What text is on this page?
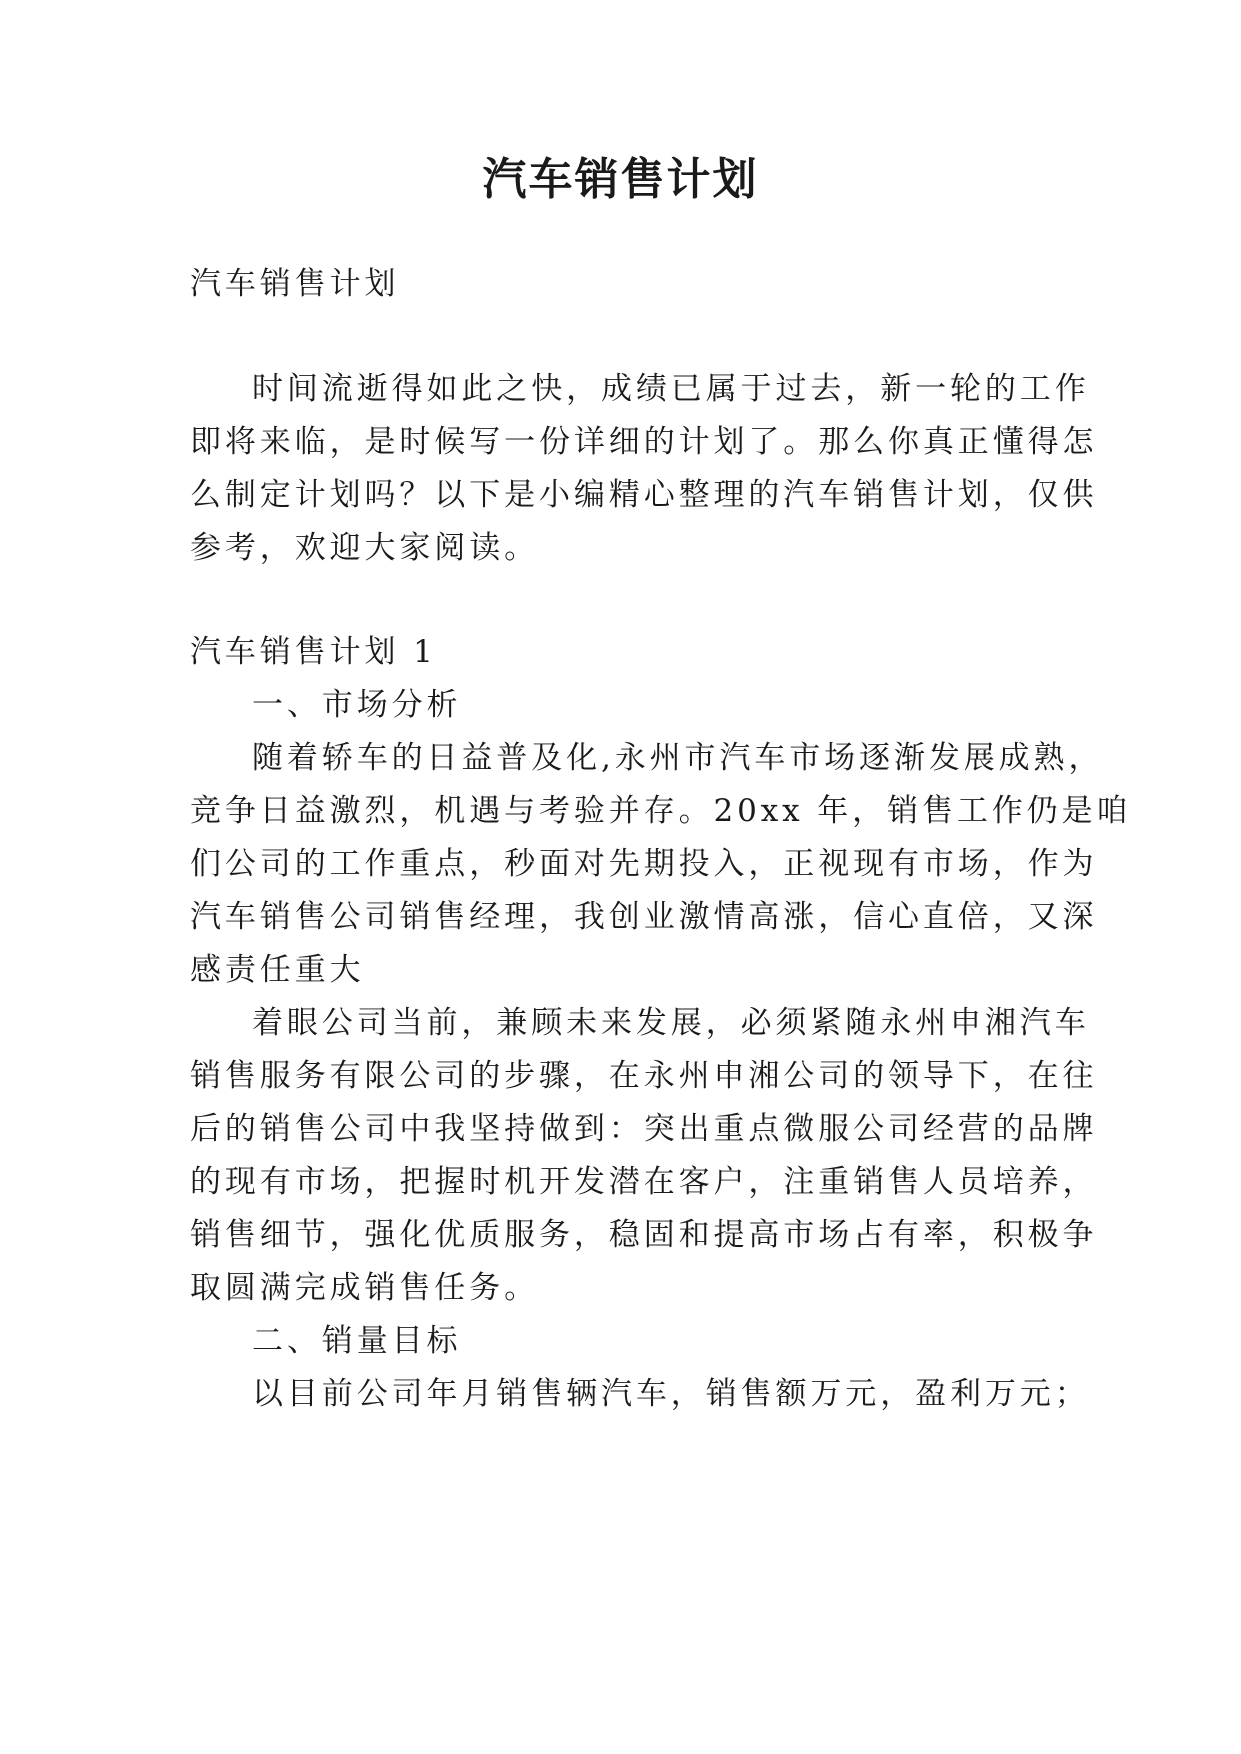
汽车销售计划
汽车销售计划
时间流逝得如此之快，成绩已属于过去，新一轮的工作
即将来临，是时候写一份详细的计划了。那么你真正懂得怎
么制定计划吗？以下是小编精心整理的汽车销售计划，仅供
参考，欢迎大家阅读。
汽车销售计划 1
一、市场分析
随着轿车的日益普及化,永州市汽车市场逐渐发展成熟，
竞争日益激烈，机遇与考验并存。20xx 年，销售工作仍是咱
们公司的工作重点，秒面对先期投入，正视现有市场，作为
汽车销售公司销售经理，我创业激情高涨，信心直倍，又深
感责任重大
着眼公司当前，兼顾未来发展，必须紧随永州申湘汽车
销售服务有限公司的步骤，在永州申湘公司的领导下，在往
后的销售公司中我坚持做到：突出重点微服公司经营的品牌
的现有市场，把握时机开发潜在客户，注重销售人员培养，
销售细节，强化优质服务，稳固和提高市场占有率，积极争
取圆满完成销售任务。
二、销量目标
以目前公司年月销售辆汽车，销售额万元，盈利万元；
